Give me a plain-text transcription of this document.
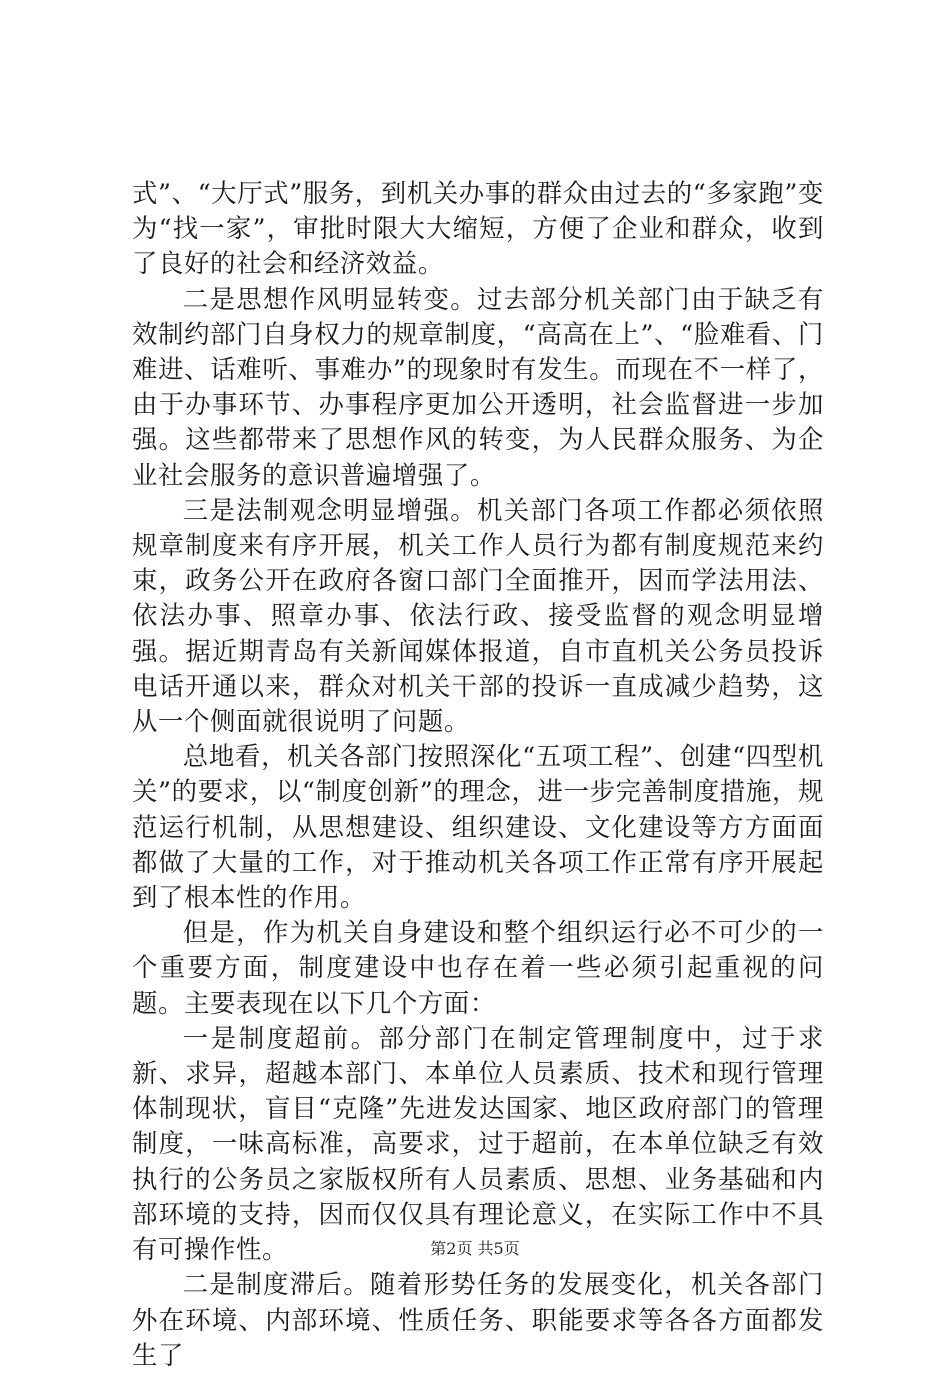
式”、“大厅式”服务，到机关办事的群众由过去的“多家跑”变为“找一家”，审批时限大大缩短，方便了企业和群众，收到了良好的社会和经济效益。

二是思想作风明显转变。过去部分机关部门由于缺乏有效制约部门自身权力的规章制度，“高高在上”、“脸难看、门难进、话难听、事难办”的现象时有发生。而现在不一样了，由于办事环节、办事程序更加公开透明，社会监督进一步加强。这些都带来了思想作风的转变，为人民群众服务、为企业社会服务的意识普遍增强了。

三是法制观念明显增强。机关部门各项工作都必须依照规章制度来有序开展，机关工作人员行为都有制度规范来约束，政务公开在政府各窗口部门全面推开，因而学法用法、依法办事、照章办事、依法行政、接受监督的观念明显增强。据近期青岛有关新闻媒体报道，自市直机关公务员投诉电话开通以来，群众对机关干部的投诉一直成减少趋势，这从一个侧面就很说明了问题。

总地看，机关各部门按照深化“五项工程”、创建“四型机关”的要求，以“制度创新”的理念，进一步完善制度措施，规范运行机制，从思想建设、组织建设、文化建设等方方面面都做了大量的工作，对于推动机关各项工作正常有序开展起到了根本性的作用。

但是，作为机关自身建设和整个组织运行必不可少的一个重要方面，制度建设中也存在着一些必须引起重视的问题。主要表现在以下几个方面：

一是制度超前。部分部门在制定管理制度中，过于求新、求异，超越本部门、本单位人员素质、技术和现行管理体制现状，盲目“克隆”先进发达国家、地区政府部门的管理制度，一味高标准，高要求，过于超前，在本单位缺乏有效执行的公务员之家版权所有人员素质、思想、业务基础和内部环境的支持，因而仅仅具有理论意义，在实际工作中不具有可操作性。

二是制度滞后。随着形势任务的发展变化，机关各部门外在环境、内部环境、性质任务、职能要求等各各方面都发生了

第2页 共5页
